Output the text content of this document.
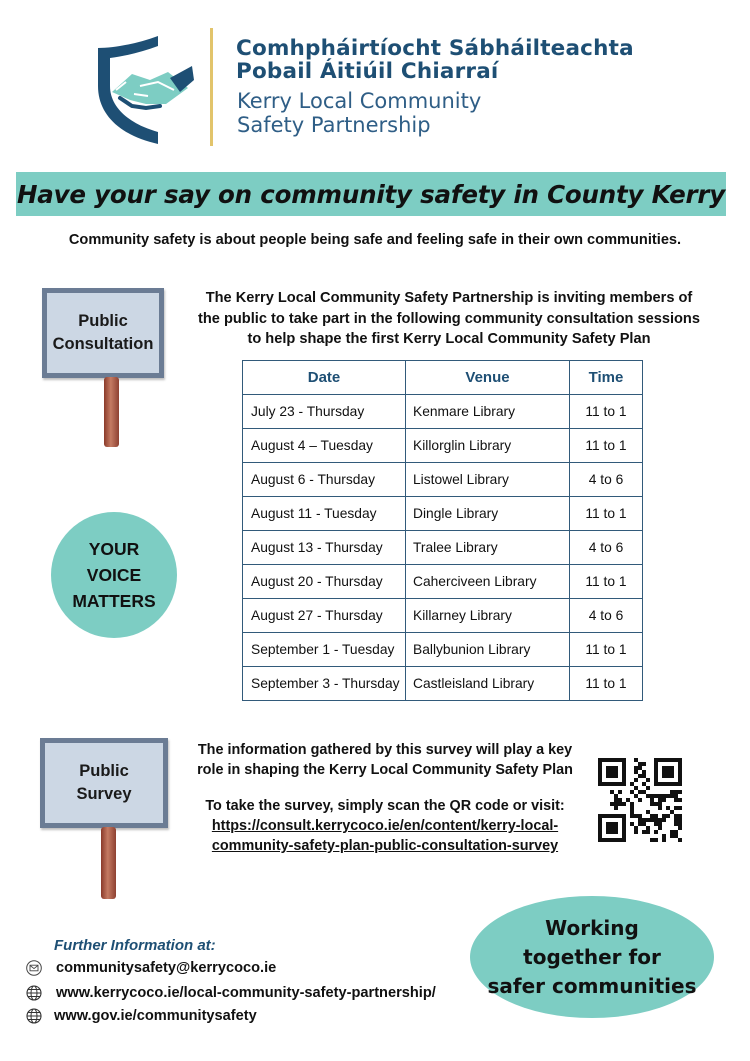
Comhpháirtíocht Sábháilteachta
Pobail Áitiúil Chiarraí
Kerry Local Community
Safety Partnership
Have your say on community safety in County Kerry
Community safety is about people being safe and feeling safe in their own communities.
Public
Consultation
The Kerry Local Community Safety Partnership is inviting members of
the public to take part in the following community consultation sessions
to help shape the first Kerry Local Community Safety Plan
Date	Venue	Time
July 23 - Thursday	Kenmare Library	11 to 1
August 4 – Tuesday	Killorglin Library	11 to 1
August 6 - Thursday	Listowel Library	4 to 6
August 11 - Tuesday	Dingle Library	11 to 1
August 13 - Thursday	Tralee Library	4 to 6
August 20 - Thursday	Caherciveen Library	11 to 1
August 27 - Thursday	Killarney Library	4 to 6
September 1 - Tuesday	Ballybunion Library	11 to 1
September 3 - Thursday	Castleisland Library	11 to 1
YOUR
VOICE
MATTERS
Public
Survey

The information gathered by this survey will play a key

role in shaping the Kerry Local Community Safety Plan

To take the survey, simply scan the QR code or visit:

https://consult.kerrycoco.ie/en/content/kerry-local-
community-safety-plan-public-consultation-survey
Further Information at:
communitysafety@kerrycoco.ie
www.kerrycoco.ie/local-community-safety-partnership/
www.gov.ie/communitysafety
Working
together for
safer communities
